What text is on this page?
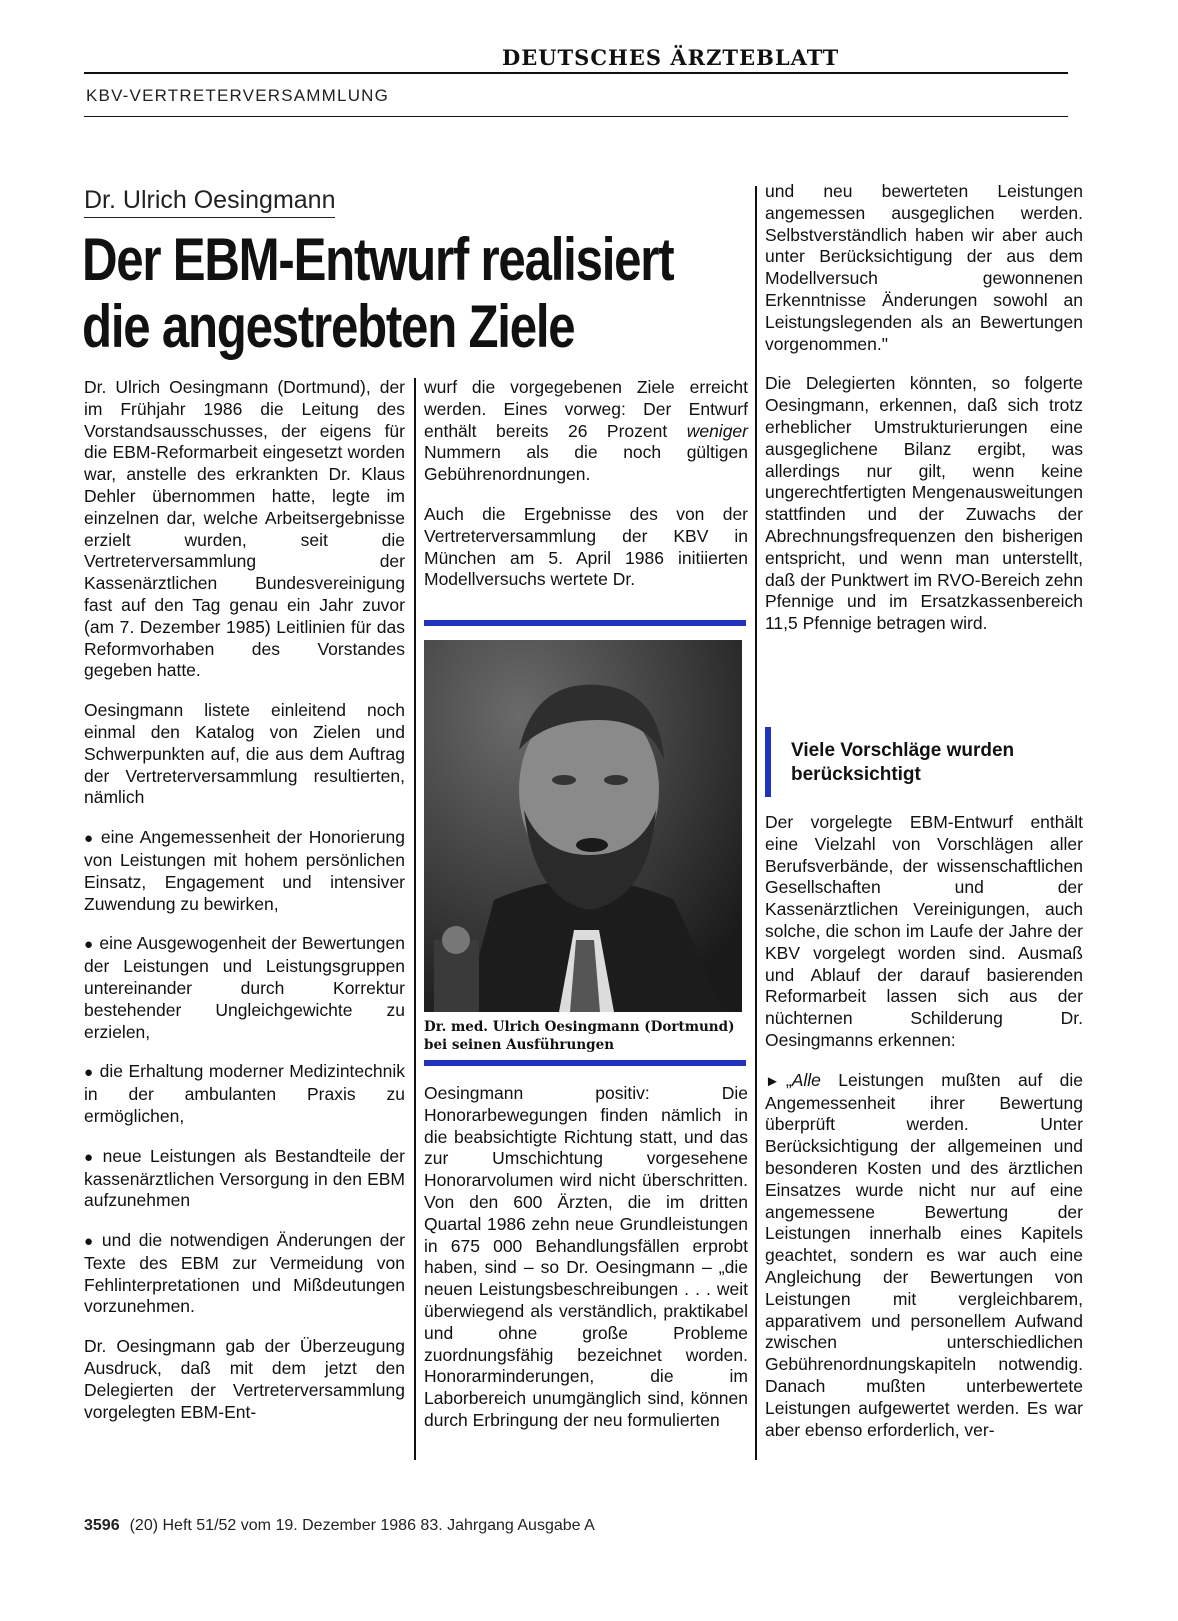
DEUTSCHES ÄRZTEBLATT
KBV-VERTRETERVERSAMMLUNG
Dr. Ulrich Oesingmann
Der EBM-Entwurf realisiert
die angestrebten Ziele

Dr. Ulrich Oesingmann (Dortmund), der im Frühjahr 1986 die Leitung des Vorstandsausschusses, der eigens für die EBM-Reformarbeit eingesetzt worden war, anstelle des erkrankten Dr. Klaus Dehler übernommen hatte, legte im einzelnen dar, welche Arbeitsergebnisse erzielt wurden, seit die Vertreterversammlung der Kassenärztlichen Bundesvereinigung fast auf den Tag genau ein Jahr zuvor (am 7. Dezember 1985) Leitlinien für das Reformvorhaben des Vorstandes gegeben hatte.

Oesingmann listete einleitend noch einmal den Katalog von Zielen und Schwerpunkten auf, die aus dem Auftrag der Vertreterversammlung resultierten, nämlich

● eine Angemessenheit der Honorierung von Leistungen mit hohem persönlichen Einsatz, Engagement und intensiver Zuwendung zu bewirken,
● eine Ausgewogenheit der Bewertungen der Leistungen und Leistungsgruppen untereinander durch Korrektur bestehender Ungleichgewichte zu erzielen,
● die Erhaltung moderner Medizintechnik in der ambulanten Praxis zu ermöglichen,
● neue Leistungen als Bestandteile der kassenärztlichen Versorgung in den EBM aufzunehmen
● und die notwendigen Änderungen der Texte des EBM zur Vermeidung von Fehlinterpretationen und Mißdeutungen vorzunehmen.

Dr. Oesingmann gab der Überzeugung Ausdruck, daß mit dem jetzt den Delegierten der Vertreterversammlung vorgelegten EBM-Ent-

wurf die vorgegebenen Ziele erreicht werden. Eines vorweg: Der Entwurf enthält bereits 26 Prozent weniger Nummern als die noch gültigen Gebührenordnungen.

Auch die Ergebnisse des von der Vertreterversammlung der KBV in München am 5. April 1986 initiierten Modellversuchs wertete Dr.

Dr. med. Ulrich Oesingmann (Dortmund) bei seinen Ausführungen

Oesingmann positiv: Die Honorarbewegungen finden nämlich in die beabsichtigte Richtung statt, und das zur Umschichtung vorgesehene Honorarvolumen wird nicht überschritten. Von den 600 Ärzten, die im dritten Quartal 1986 zehn neue Grundleistungen in 675 000 Behandlungsfällen erprobt haben, sind – so Dr. Oesingmann – „die neuen Leistungsbeschreibungen . . . weit überwiegend als verständlich, praktikabel und ohne große Probleme zuordnungsfähig bezeichnet worden. Honorarminderungen, die im Laborbereich unumgänglich sind, können durch Erbringung der neu formulierten

und neu bewerteten Leistungen angemessen ausgeglichen werden. Selbstverständlich haben wir aber auch unter Berücksichtigung der aus dem Modellversuch gewonnenen Erkenntnisse Änderungen sowohl an Leistungslegenden als an Bewertungen vorgenommen."

Die Delegierten könnten, so folgerte Oesingmann, erkennen, daß sich trotz erheblicher Umstrukturierungen eine ausgeglichene Bilanz ergibt, was allerdings nur gilt, wenn keine ungerechtfertigten Mengenausweitungen stattfinden und der Zuwachs der Abrechnungsfrequenzen den bisherigen entspricht, und wenn man unterstellt, daß der Punktwert im RVO-Bereich zehn Pfennige und im Ersatzkassenbereich 11,5 Pfennige betragen wird.

Viele Vorschläge wurden berücksichtigt

Der vorgelegte EBM-Entwurf enthält eine Vielzahl von Vorschlägen aller Berufsverbände, der wissenschaftlichen Gesellschaften und der Kassenärztlichen Vereinigungen, auch solche, die schon im Laufe der Jahre der KBV vorgelegt worden sind. Ausmaß und Ablauf der darauf basierenden Reformarbeit lassen sich aus der nüchternen Schilderung Dr. Oesingmanns erkennen:

► „Alle Leistungen mußten auf die Angemessenheit ihrer Bewertung überprüft werden. Unter Berücksichtigung der allgemeinen und besonderen Kosten und des ärztlichen Einsatzes wurde nicht nur auf eine angemessene Bewertung der Leistungen innerhalb eines Kapitels geachtet, sondern es war auch eine Angleichung der Bewertungen von Leistungen mit vergleichbarem, apparativem und personellem Aufwand zwischen unterschiedlichen Gebührenordnungskapiteln notwendig. Danach mußten unterbewertete Leistungen aufgewertet werden. Es war aber ebenso erforderlich, ver-

3596 (20) Heft 51/52 vom 19. Dezember 1986 83. Jahrgang Ausgabe A
